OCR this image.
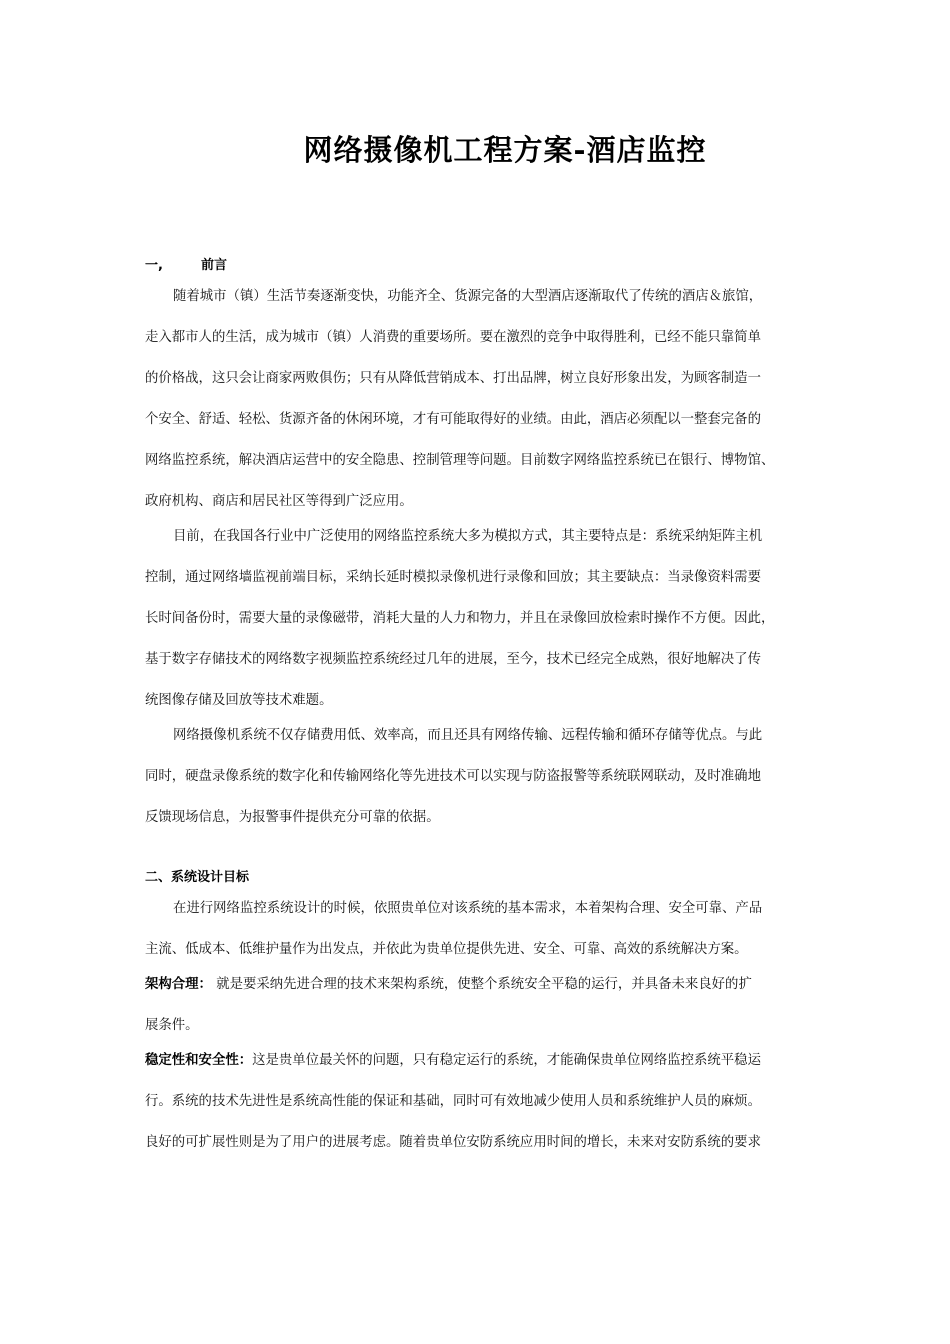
网络摄像机工程方案-酒店监控
一,	前言
随着城市（镇）生活节奏逐渐变快，功能齐全、货源完备的大型酒店逐渐取代了传统的酒店＆旅馆，
走入都市人的生活，成为城市（镇）人消费的重要场所。要在激烈的竞争中取得胜利，已经不能只靠简单
的价格战，这只会让商家两败俱伤；只有从降低营销成本、打出品牌，树立良好形象出发，为顾客制造一
个安全、舒适、轻松、货源齐备的休闲环境，才有可能取得好的业绩。由此，酒店必须配以一整套完备的
网络监控系统，解决酒店运营中的安全隐患、控制管理等问题。目前数字网络监控系统已在银行、博物馆、
政府机构、商店和居民社区等得到广泛应用。
目前，在我国各行业中广泛使用的网络监控系统大多为模拟方式，其主要特点是：系统采纳矩阵主机
控制，通过网络墙监视前端目标，采纳长延时模拟录像机进行录像和回放；其主要缺点：当录像资料需要
长时间备份时，需要大量的录像磁带，消耗大量的人力和物力，并且在录像回放检索时操作不方便。因此，
基于数字存储技术的网络数字视频监控系统经过几年的进展，至今，技术已经完全成熟，很好地解决了传
统图像存储及回放等技术难题。
网络摄像机系统不仅存储费用低、效率高，而且还具有网络传输、远程传输和循环存储等优点。与此
同时，硬盘录像系统的数字化和传输网络化等先进技术可以实现与防盗报警等系统联网联动，及时准确地
反馈现场信息，为报警事件提供充分可靠的依据。
二、系统设计目标
在进行网络监控系统设计的时候，依照贵单位对该系统的基本需求，本着架构合理、安全可靠、产品
主流、低成本、低维护量作为出发点，并依此为贵单位提供先进、安全、可靠、高效的系统解决方案。
架构合理： 就是要采纳先进合理的技术来架构系统，使整个系统安全平稳的运行，并具备未来良好的扩
展条件。
稳定性和安全性：这是贵单位最关怀的问题，只有稳定运行的系统，才能确保贵单位网络监控系统平稳运
行。系统的技术先进性是系统高性能的保证和基础，同时可有效地减少使用人员和系统维护人员的麻烦。
良好的可扩展性则是为了用户的进展考虑。随着贵单位安防系统应用时间的增长，未来对安防系统的要求
